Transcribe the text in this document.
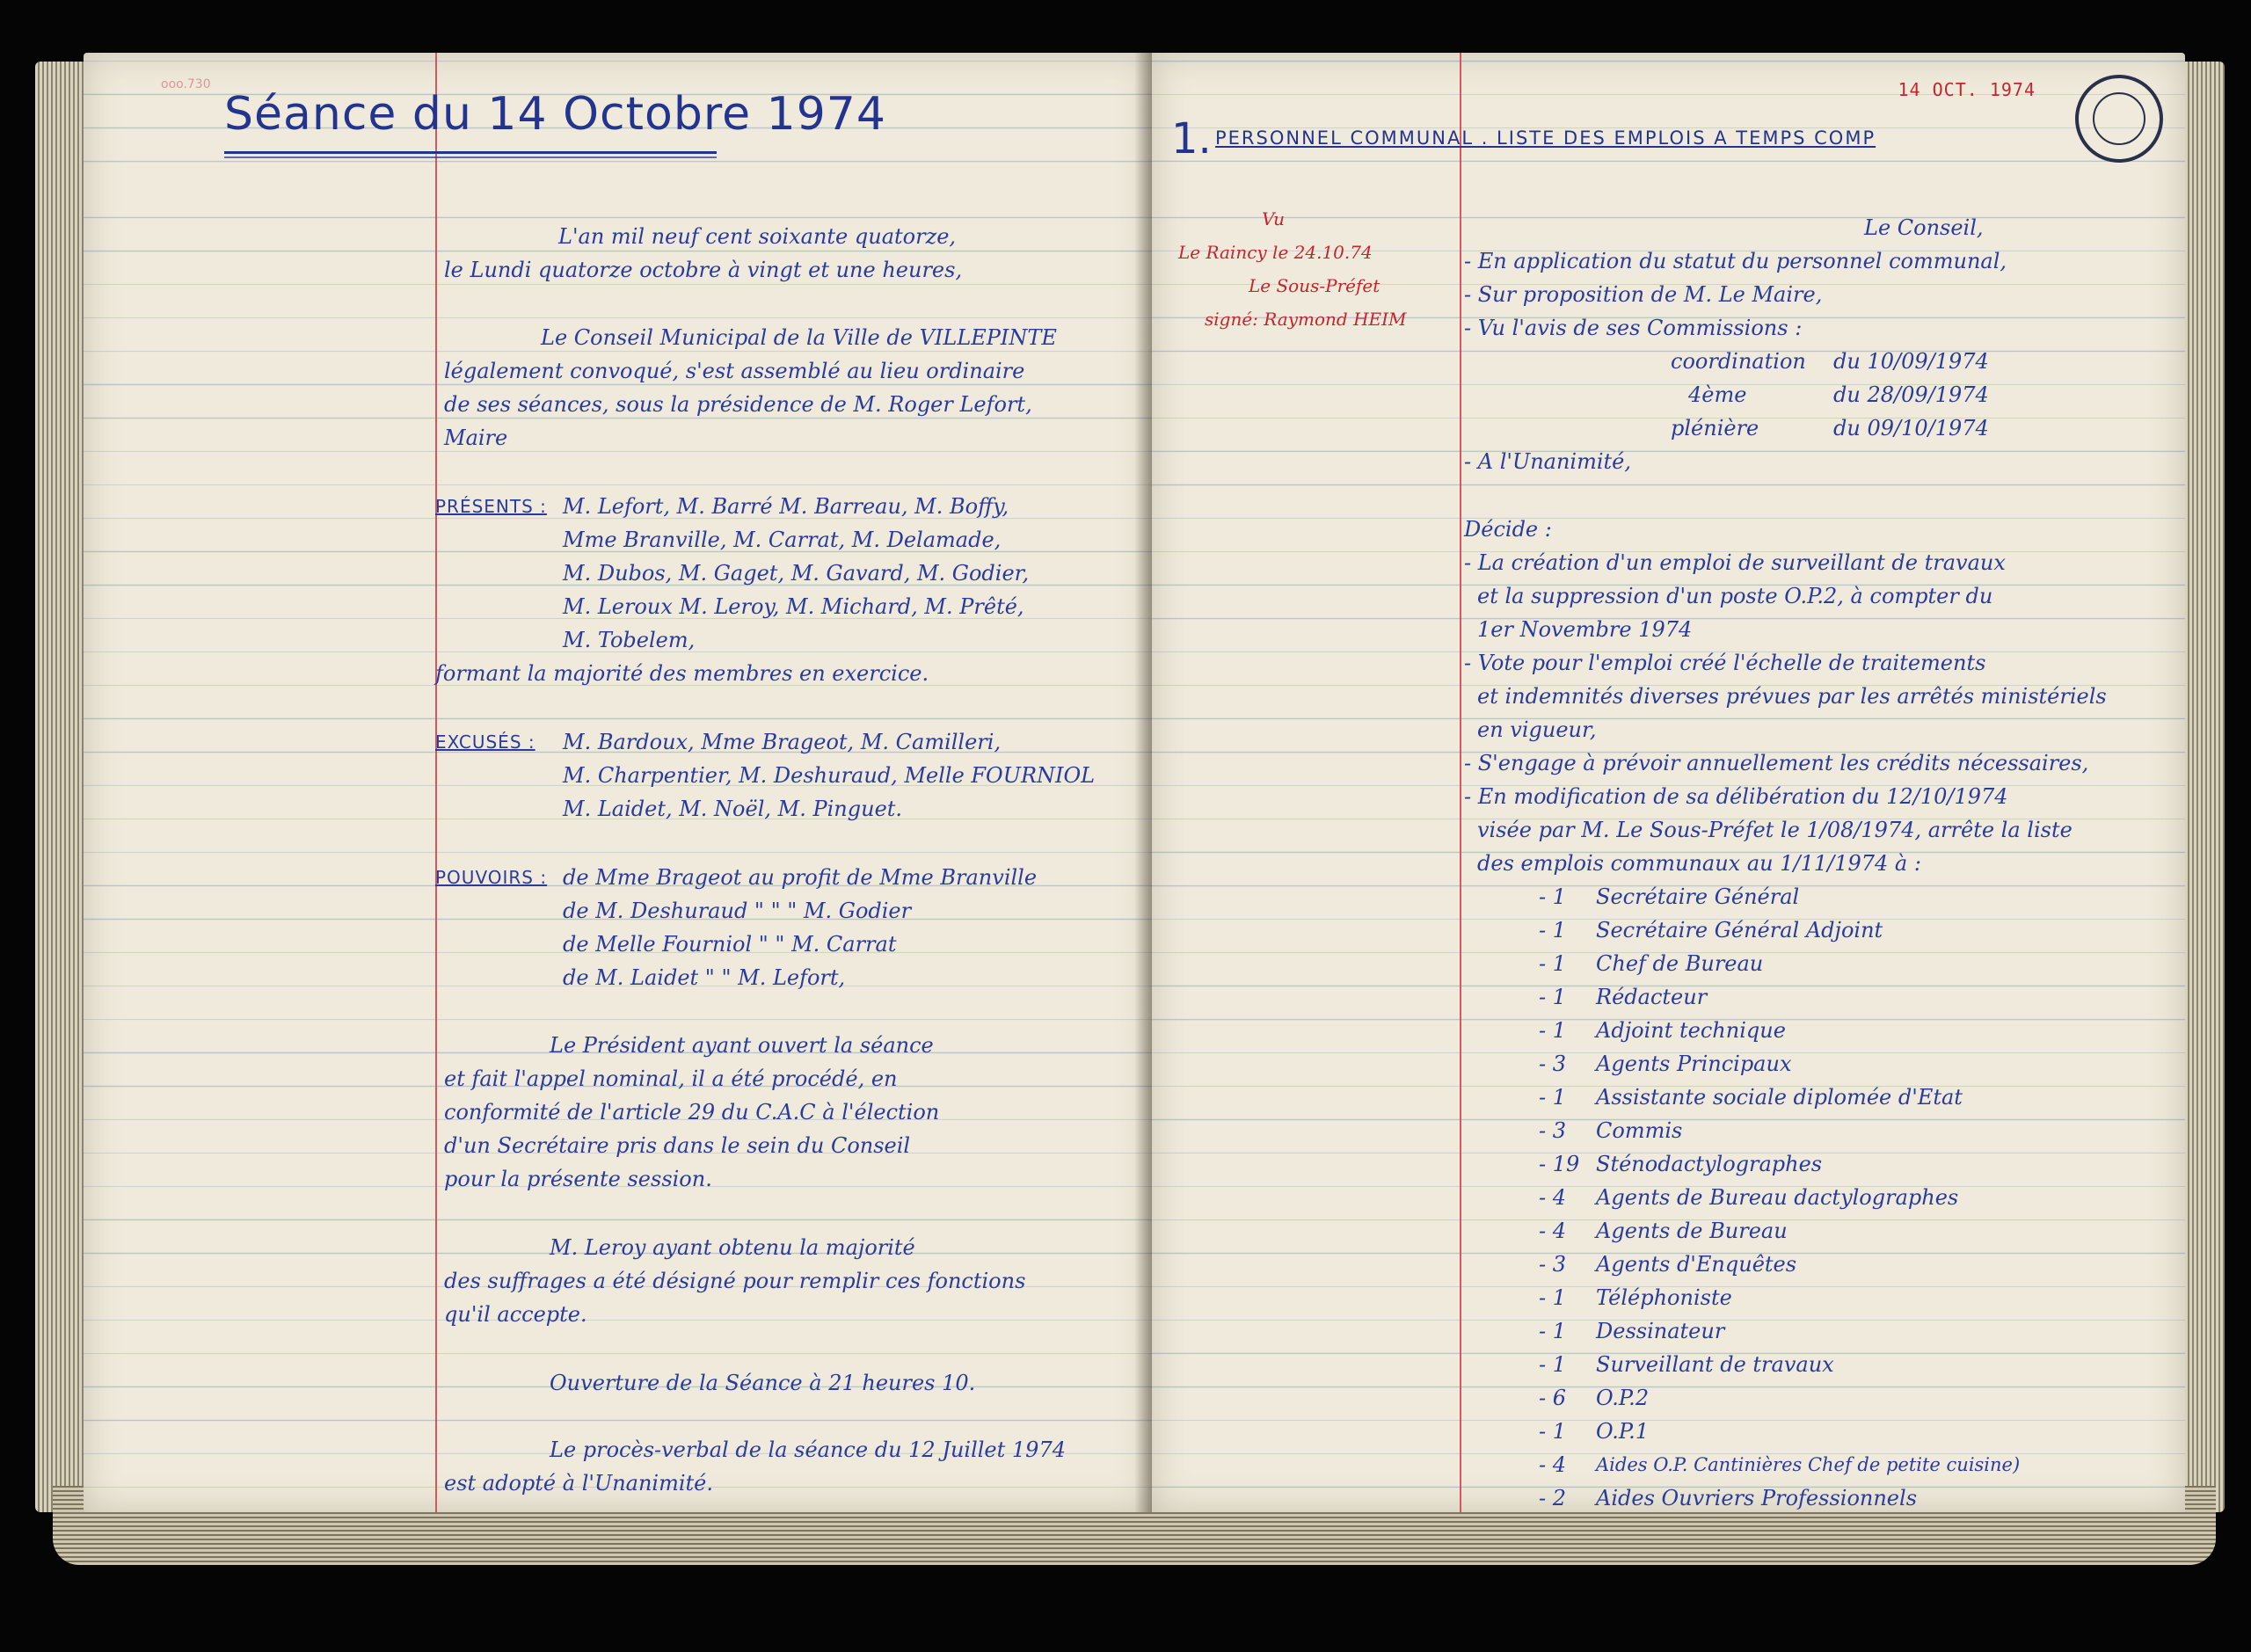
ooo.730
Séance du 14 Octobre 1974
L'an mil neuf cent soixante quatorze,
le Lundi quatorze octobre à vingt et une heures,
Le Conseil Municipal de la Ville de VILLEPINTE
légalement convoqué, s'est assemblé au lieu ordinaire
de ses séances, sous la présidence de M. Roger Lefort,
Maire
PRÉSENTS : M. Lefort, M. Barré M. Barreau, M. Boffy,
Mme Branville, M. Carrat, M. Delamade,
M. Dubos, M. Gaget, M. Gavard, M. Godier,
M. Leroux M. Leroy, M. Michard, M. Prêté,
M. Tobelem,
formant la majorité des membres en exercice.
EXCUSÉS : M. Bardoux, Mme Brageot, M. Camilleri,
M. Charpentier, M. Deshuraud, Melle FOURNIOL
M. Laidet, M. Noël, M. Pinguet.
POUVOIRS : de Mme Brageot au profit de Mme Branville
de M. Deshuraud " " " M. Godier
de Melle Fourniol " " M. Carrat
de M. Laidet " " M. Lefort,
Le Président ayant ouvert la séance
et fait l'appel nominal, il a été procédé, en
conformité de l'article 29 du C.A.C à l'élection
d'un Secrétaire pris dans le sein du Conseil
pour la présente session.
M. Leroy ayant obtenu la majorité
des suffrages a été désigné pour remplir ces fonctions
qu'il accepte.
Ouverture de la Séance à 21 heures 10.
Le procès-verbal de la séance du 12 Juillet 1974
est adopté à l'Unanimité.
14 OCT. 1974
1. PERSONNEL COMMUNAL . LISTE DES EMPLOIS A TEMPS COMP
Vu
Le Raincy le 24.10.74
Le Sous-Préfet
signé: Raymond HEIM
Le Conseil,
- En application du statut du personnel communal,
- Sur proposition de M. Le Maire,
- Vu l'avis de ses Commissions :
coordination du 10/09/1974
4ème	du 28/09/1974
plénière	du 09/10/1974
- A l'Unanimité,
Décide :
- La création d'un emploi de surveillant de travaux
et la suppression d'un poste O.P.2, à compter du
1er Novembre 1974
- Vote pour l'emploi créé l'échelle de traitements
et indemnités diverses prévues par les arrêtés ministériels
en vigueur,
- S'engage à prévoir annuellement les crédits nécessaires,
- En modification de sa délibération du 12/10/1974
visée par M. Le Sous-Préfet le 1/08/1974, arrête la liste
des emplois communaux au 1/11/1974 à :
- 1 Secrétaire Général
- 1 Secrétaire Général Adjoint
- 1 Chef de Bureau
- 1 Rédacteur
- 1 Adjoint technique
- 3 Agents Principaux
- 1 Assistante sociale diplomée d'Etat
- 3 Commis
- 19 Sténodactylographes
- 4 Agents de Bureau dactylographes
- 4 Agents de Bureau
- 3 Agents d'Enquêtes
- 1 Téléphoniste
- 1 Dessinateur
- 1 Surveillant de travaux
- 6 O.P.2
- 1 O.P.1
- 4 Aides O.P. Cantinières Chef de petite cuisine)
- 2 Aides Ouvriers Professionnels
